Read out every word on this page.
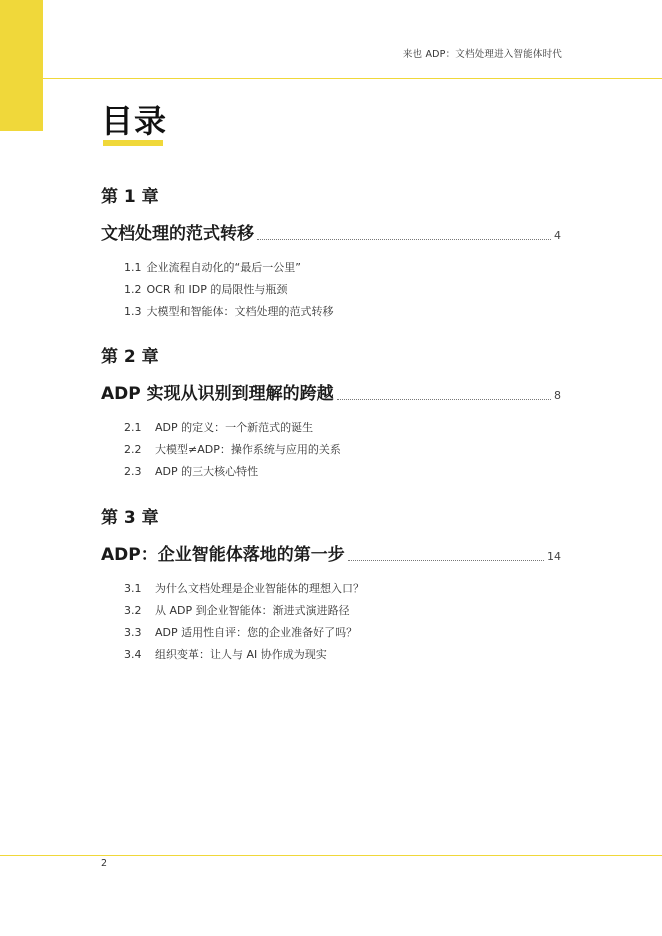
来也 ADP：文档处理进入智能体时代
目录
第 1 章
文档处理的范式转移	4
1.1 企业流程自动化的“最后一公里”
1.2 OCR 和 IDP 的局限性与瓶颈
1.3 大模型和智能体：文档处理的范式转移
第 2 章
ADP 实现从识别到理解的跨越	8
2.1 ADP 的定义：一个新范式的诞生
2.2 大模型≠ADP：操作系统与应用的关系
2.3 ADP 的三大核心特性
第 3 章
ADP：企业智能体落地的第一步	14
3.1 为什么文档处理是企业智能体的理想入口？
3.2 从 ADP 到企业智能体：渐进式演进路径
3.3 ADP 适用性自评：您的企业准备好了吗？
3.4 组织变革：让人与 AI 协作成为现实
2
